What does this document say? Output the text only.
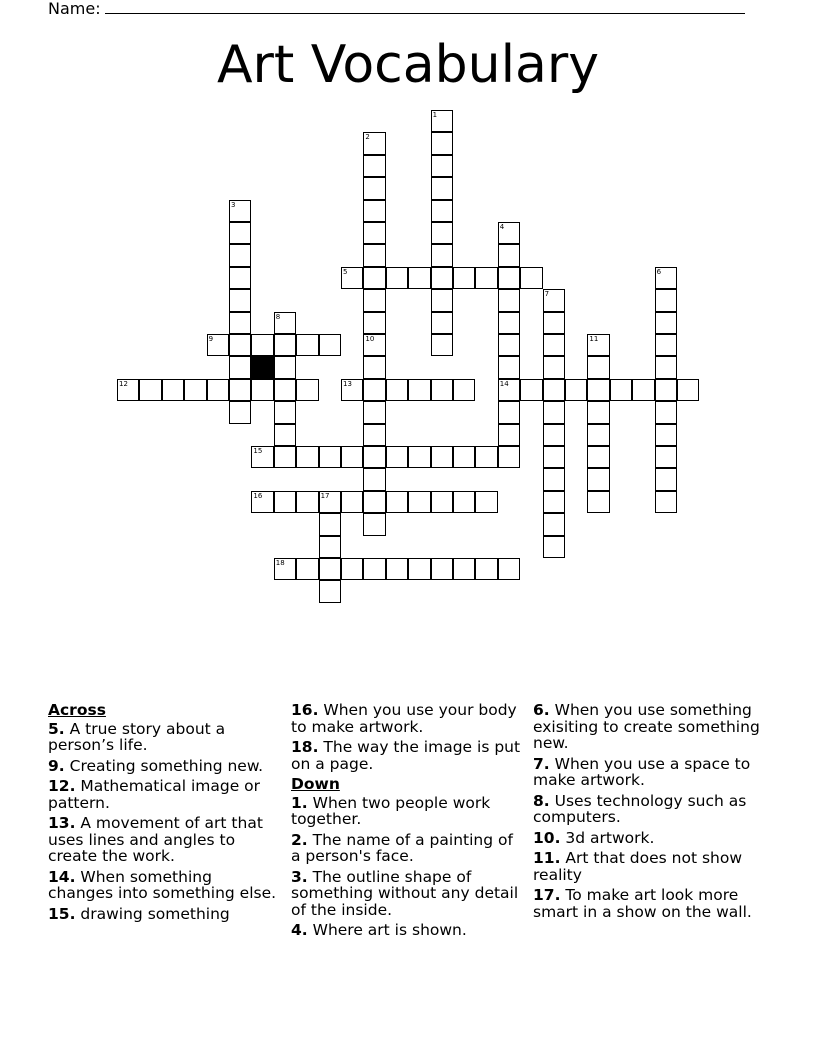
Name:
Art Vocabulary
1
2
3
4
14
5	6
7
8
9	10	11
12	13
15
16	17
18
Across
5. A true story about a person’s life.
9. Creating something new.
12. Mathematical image or pattern.
13. A movement of art that uses lines and angles to create the work.
14. When something changes into something else.
15. drawing something
16. When you use your body to make artwork.
18. The way the image is put on a page.
Down
1. When two people work together.
2. The name of a painting of a person's face.
3. The outline shape of something without any detail of the inside.
4. Where art is shown.
6. When you use something exisiting to create something new.
7. When you use a space to make artwork.
8. Uses technology such as computers.
10. 3d artwork.
11. Art that does not show reality
17. To make art look more smart in a show on the wall.
